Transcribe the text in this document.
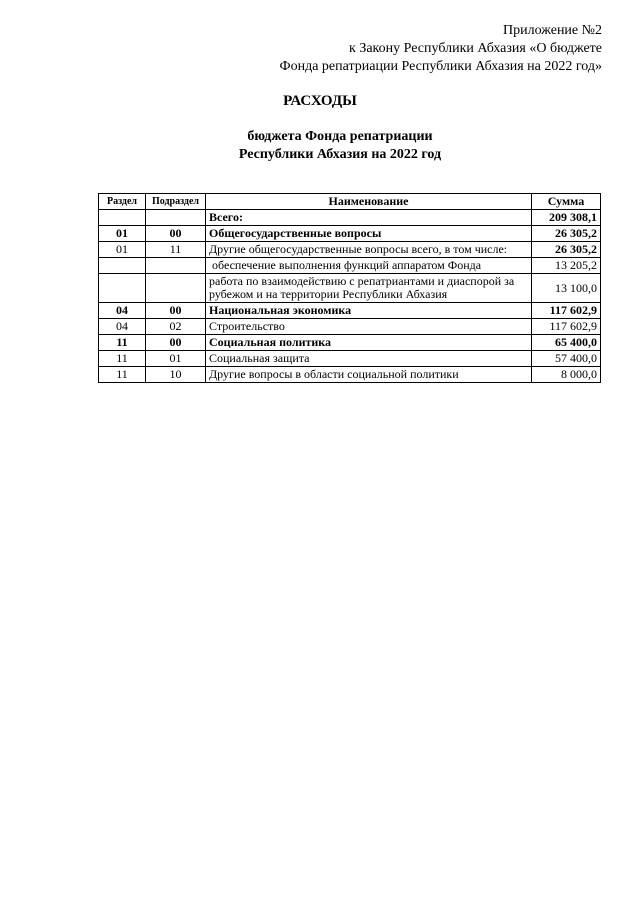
Приложение №2
к Закону Республики Абхазия «О бюджете
Фонда репатриации Республики Абхазия на 2022 год»
РАСХОДЫ
бюджета Фонда репатриации
Республики Абхазия на 2022 год
Раздел	Подраздел	Наименование	Сумма
		Всего:	209 308,1
01	00	Общегосударственные вопросы	26 305,2
01	11	Другие общегосударственные вопросы всего, в том числе:	26 305,2
		обеспечение выполнения функций аппаратом Фонда	13 205,2
		работа по взаимодействию с репатриантами и диаспорой за рубежом и на территории Республики Абхазия	13 100,0
04	00	Национальная экономика	117 602,9
04	02	Строительство	117 602,9
11	00	Социальная политика	65 400,0
11	01	Социальная защита	57 400,0
11	10	Другие вопросы в области социальной политики	8 000,0
